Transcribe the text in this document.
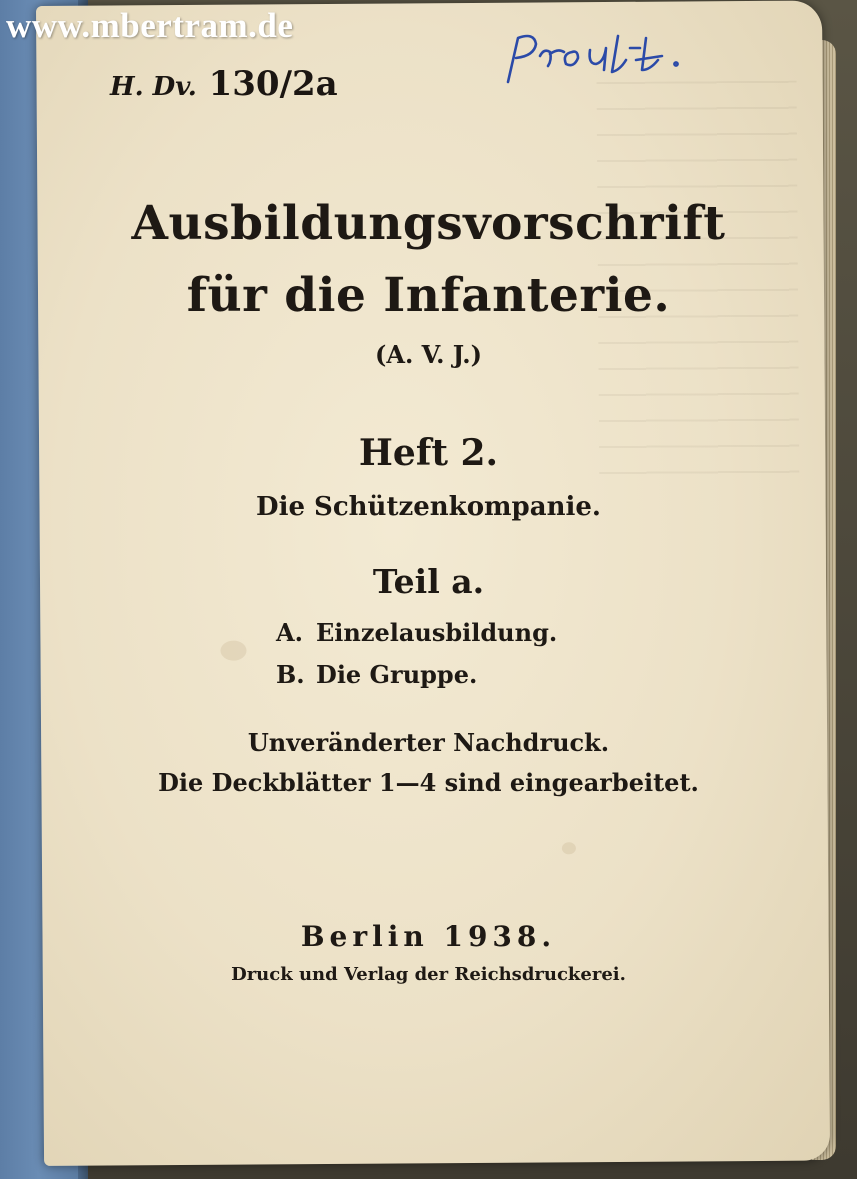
www.mbertram.de
H. Dv. 130/2a
Ausbildungsvorschrift
für die Infanterie.
(A. V. J.)
Heft 2.
Die Schützenkompanie.
Teil a.
A. Einzelausbildung.
B. Die Gruppe.
Unveränderter Nachdruck.
Die Deckblätter 1—4 sind eingearbeitet.
Berlin 1938.
Druck und Verlag der Reichsdruckerei.
